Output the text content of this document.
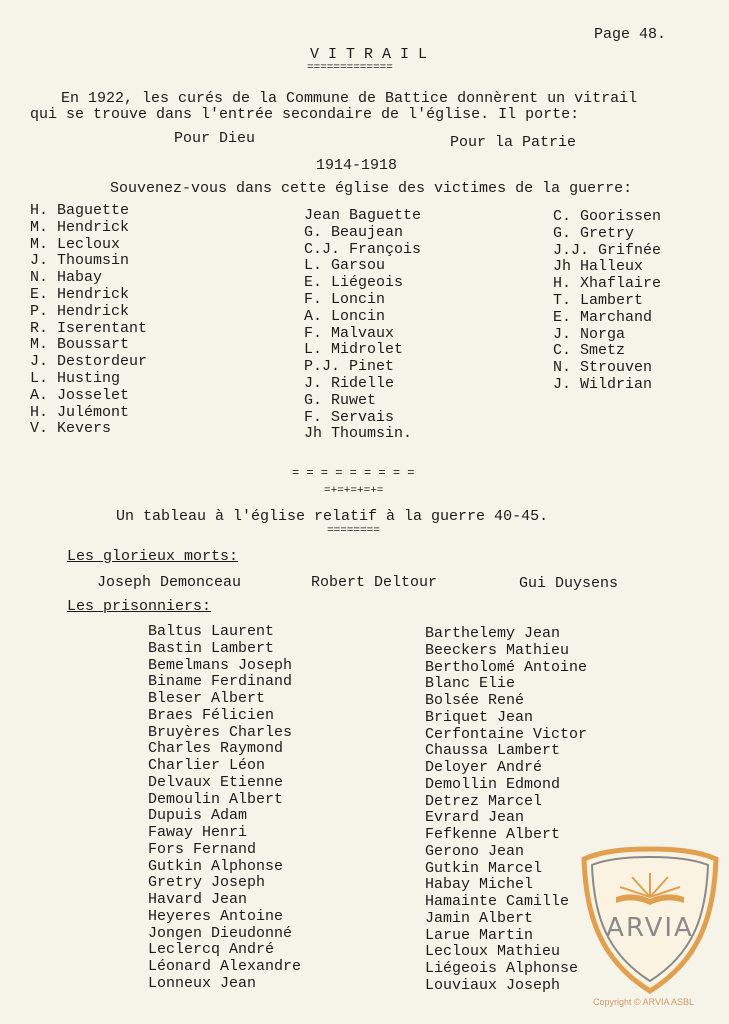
Page 48.
V I T R A I L
=============
En 1922, les curés de la Commune de Battice donnèrent un vitrail
qui se trouve dans l'entrée secondaire de l'église. Il porte:
Pour Dieu	Pour la Patrie
1914-1918
Souvenez-vous dans cette église des victimes de la guerre:
H. Baguette
M. Hendrick
M. Lecloux
J. Thoumsin
N. Habay
E. Hendrick
P. Hendrick
R. Iserentant
M. Boussart
J. Destordeur
L. Husting
A. Josselet
H. Julémont
V. Kevers
Jean Baguette
G. Beaujean
C.J. François
L. Garsou
E. Liégeois
F. Loncin
A. Loncin
F. Malvaux
L. Midrolet
P.J. Pinet
J. Ridelle
G. Ruwet
F. Servais
Jh Thoumsin.
C. Goorissen
G. Gretry
J.J. Grifnée
Jh Halleux
H. Xhaflaire
T. Lambert
E. Marchand
J. Norga
C. Smetz
N. Strouven
J. Wildrian
= = = = = = = = =
=+=+=+=+=
Un tableau à l'église relatif à la guerre 40-45.
========
Les glorieux morts:
Joseph Demonceau	Robert Deltour	Gui Duysens
Les prisonniers:
Baltus Laurent
Bastin Lambert
Bemelmans Joseph
Biname Ferdinand
Bleser Albert
Braes Félicien
Bruyères Charles
Charles Raymond
Charlier Léon
Delvaux Etienne
Demoulin Albert
Dupuis Adam
Faway Henri
Fors Fernand
Gutkin Alphonse
Gretry Joseph
Havard Jean
Heyeres Antoine
Jongen Dieudonné
Leclercq André
Léonard Alexandre
Lonneux Jean
Barthelemy Jean
Beeckers Mathieu
Bertholomé Antoine
Blanc Elie
Bolsée René
Briquet Jean
Cerfontaine Victor
Chaussa Lambert
Deloyer André
Demollin Edmond
Detrez Marcel
Evrard Jean
Fefkenne Albert
Gerono Jean
Gutkin Marcel
Habay Michel
Hamainte Camille
Jamin Albert
Larue Martin
Lecloux Mathieu
Liégeois Alphonse
Louviaux Joseph
ARVIA
Copyright © ARVIA ASBL
